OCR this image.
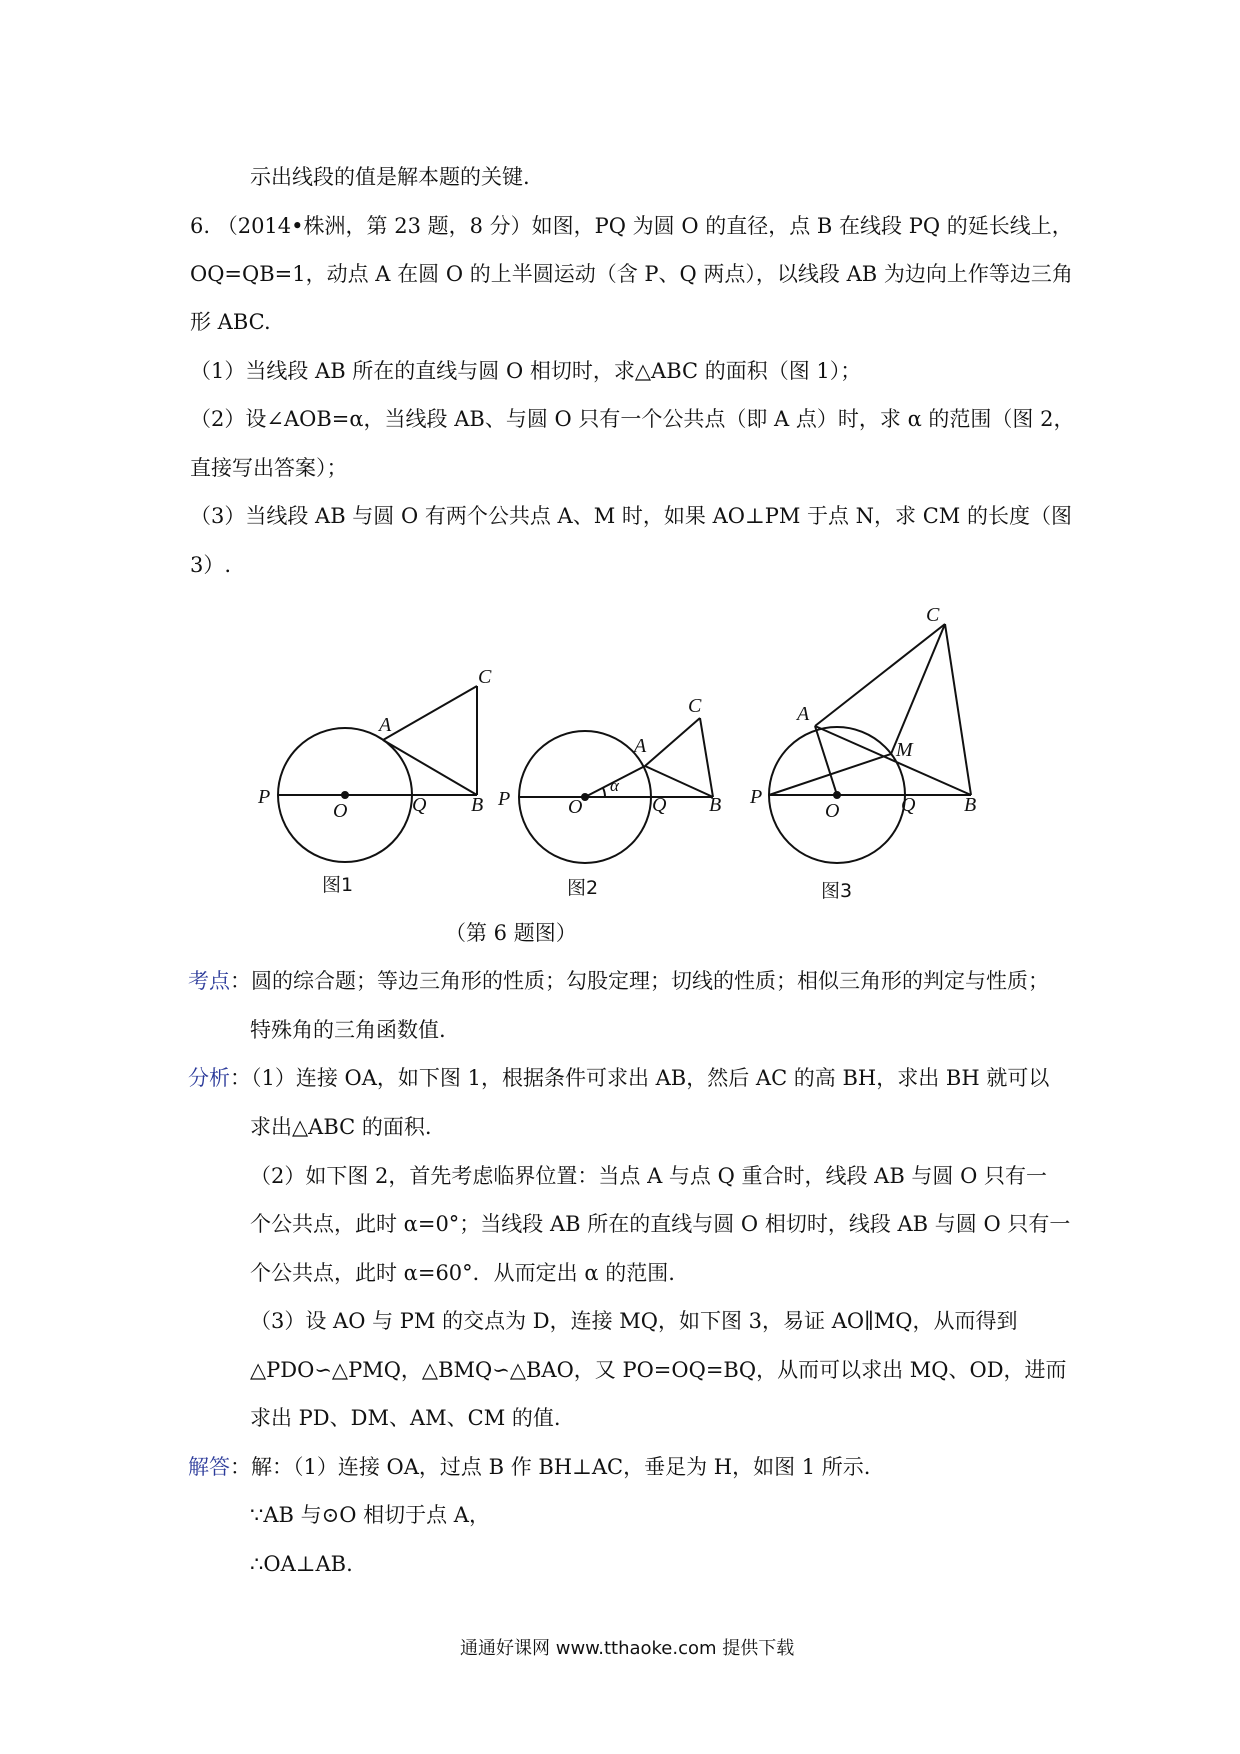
示出线段的值是解本题的关键.
6. （2014•株洲，第 23 题，8 分）如图，PQ 为圆 O 的直径，点 B 在线段 PQ 的延长线上，
OQ=QB=1，动点 A 在圆 O 的上半圆运动（含 P、Q 两点），以线段 AB 为边向上作等边三角
形 ABC.
（1）当线段 AB 所在的直线与圆 O 相切时，求△ABC 的面积（图 1）；
（2）设∠AOB=α，当线段 AB、与圆 O 只有一个公共点（即 A 点）时，求 α 的范围（图 2，
直接写出答案）；
（3）当线段 AB 与圆 O 有两个公共点 A、M 时，如果 AO⊥PM 于点 N，求 CM 的长度（图
3）.
P
O	Q B
A
C
P	O
α
Q B
A
C
P
O	Q B
A
M
C
图1	图2	图3
（第 6 题图）
考点：圆的综合题；等边三角形的性质；勾股定理；切线的性质；相似三角形的判定与性质；
特殊角的三角函数值.
分析：（1）连接 OA，如下图 1，根据条件可求出 AB，然后 AC 的高 BH，求出 BH 就可以
求出△ABC 的面积.
（2）如下图 2，首先考虑临界位置：当点 A 与点 Q 重合时，线段 AB 与圆 O 只有一
个公共点，此时 α=0°；当线段 AB 所在的直线与圆 O 相切时，线段 AB 与圆 O 只有一
个公共点，此时 α=60°．从而定出 α 的范围.
（3）设 AO 与 PM 的交点为 D，连接 MQ，如下图 3，易证 AO∥MQ，从而得到
△PDO∽△PMQ，△BMQ∽△BAO，又 PO=OQ=BQ，从而可以求出 MQ、OD，进而
求出 PD、DM、AM、CM 的值.
解答：解：（1）连接 OA，过点 B 作 BH⊥AC，垂足为 H，如图 1 所示.
∵AB 与⊙O 相切于点 A，
∴OA⊥AB.
通通好课网 www.tthaoke.com 提供下载
